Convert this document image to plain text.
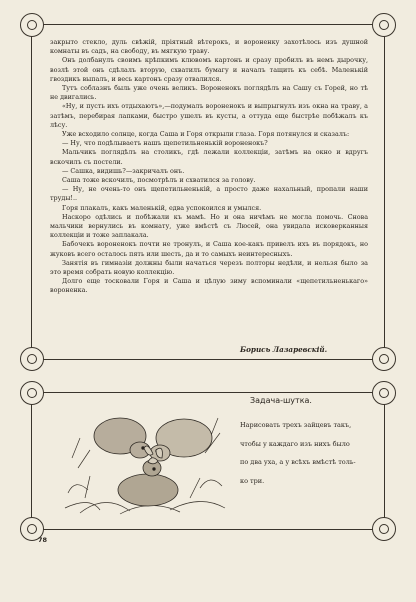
закрыто стекло, дуль свѣжій, пріятный вѣтерокъ, и вороненку захотѣлось изъ душной комнаты въ садъ, на свободу, въ мягкую траву.

Онъ долбанулъ своимъ крѣпкимъ клювомъ картонъ и сразу пробилъ въ немъ дырочку, возлѣ этой онъ сдѣлалъ вторую, схватилъ бумагу и началъ тащить къ себѣ. Маленькій гвоздикъ выпалъ, и весь картонъ сразу отвалился.

Тутъ соблазнъ быль уже очень великъ. Вороненокъ поглядѣлъ на Сашу съ Горей, но тѣ не двигались.

«Ну, и пусть ихъ отдыхаютъ»,—подумалъ вороненокъ и выпрыгнулъ изъ окна на траву, а затѣмъ, перебирая лапками, быстро ушелъ въ кусты, а оттуда еще быстрѣе побѣжалъ къ лѣсу.

Уже всходило солнце, когда Саша и Горя открыли глаза. Горя потянулся и сказалъ:

— Ну, что подѣлываетъ нашъ щепетильненькій вороненокъ?

Мальчикъ поглядѣлъ на столикъ, гдѣ лежали коллекціи, затѣмъ на окно и вдругъ вскочилъ съ постели.

— Сашка, видишь?—закричалъ онъ.

Саша тоже вскочилъ, посмотрѣлъ и схватился за голову.

— Ну, не очень-то онъ щепетильненькій, а просто даже нахальный, пропали наши труды!..

Горя плакалъ, какъ маленькій, едва успокоился и умылся.

Наскоро одѣлись и побѣжали къ мамѣ. Но и она ничѣмъ не могла помочь. Снова мальчики вернулись въ комнату, уже вмѣстѣ съ Люсей, она увидала исковерканныя коллекціи и тоже заплакала.

Бабочекъ вороненокъ почти не тронулъ, и Саша кое-какъ привелъ ихъ въ порядокъ, но жуковъ всего осталось пять или шесть, да и то самыхъ неинтересныхъ.

Занятія въ гимназіи должны были начаться черезъ полторы недѣли, и нельзя было за это время собрать новую коллекцію.

Долго еще тосковали Горя и Саша и цѣлую зиму вспоминали «щепетильненькаго» вороненка.

Борись Лазаревскій.
Задача-шутка.
Нарисовать трехъ зайцевъ такъ,
чтобы у каждаго изъ нихъ было
по два уха, а у всѣхъ вмѣстѣ толь-
ко три.
78
